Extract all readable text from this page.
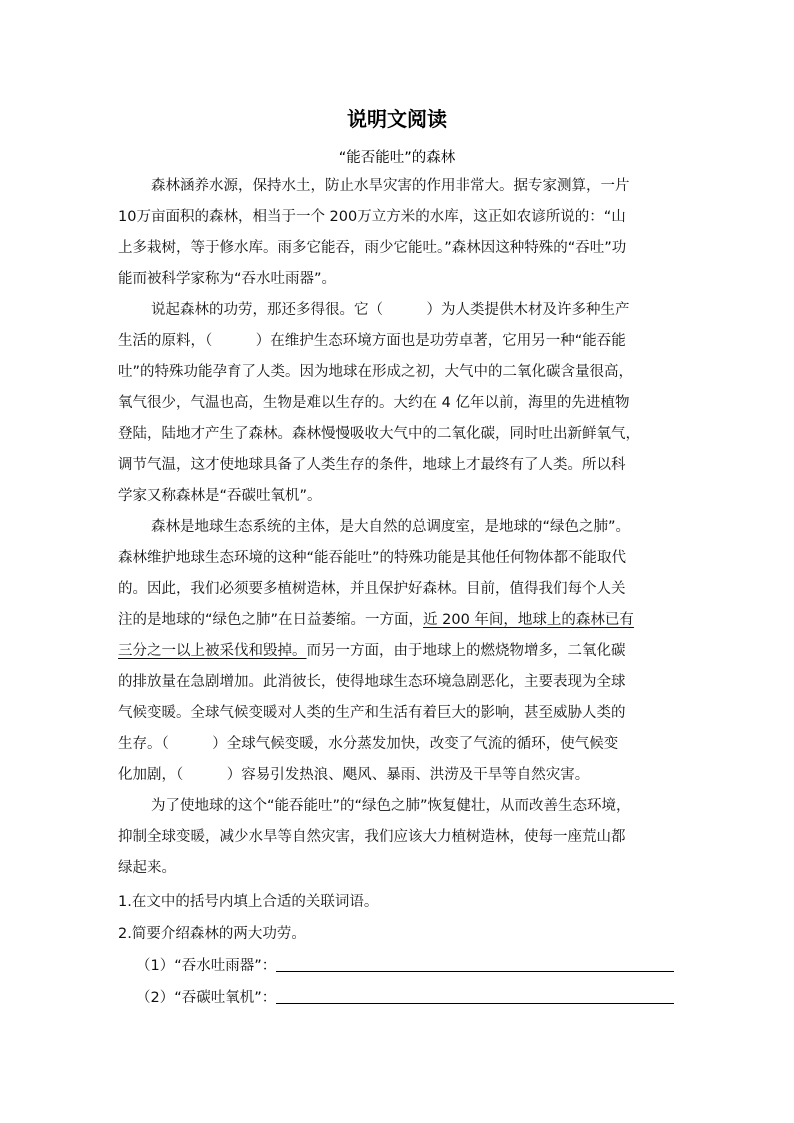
说明文阅读
“能否能吐”的森林
森林涵养水源，保持水土，防止水旱灾害的作用非常大。据专家测算，一片
10万亩面积的森林，相当于一个 200万立方米的水库，这正如农谚所说的：“山
上多栽树，等于修水库。雨多它能吞，雨少它能吐。”森林因这种特殊的“吞吐”功
能而被科学家称为“吞水吐雨器”。
说起森林的功劳，那还多得很。它（　　　）为人类提供木材及许多种生产
生活的原料，（　　　）在维护生态环境方面也是功劳卓著，它用另一种“能吞能
吐”的特殊功能孕育了人类。因为地球在形成之初，大气中的二氧化碳含量很高，
氧气很少，气温也高，生物是难以生存的。大约在 4 亿年以前，海里的先进植物
登陆，陆地才产生了森林。森林慢慢吸收大气中的二氧化碳，同时吐出新鲜氧气，
调节气温，这才使地球具备了人类生存的条件，地球上才最终有了人类。所以科
学家又称森林是“吞碳吐氧机”。
森林是地球生态系统的主体，是大自然的总调度室，是地球的“绿色之肺”。
森林维护地球生态环境的这种“能吞能吐”的特殊功能是其他任何物体都不能取代
的。因此，我们必须要多植树造林，并且保护好森林。目前，值得我们每个人关
注的是地球的“绿色之肺”在日益萎缩。一方面，近 200 年间，地球上的森林已有
三分之一以上被采伐和毁掉。而另一方面，由于地球上的燃烧物增多，二氧化碳
的排放量在急剧增加。此消彼长，使得地球生态环境急剧恶化，主要表现为全球
气候变暖。全球气候变暖对人类的生产和生活有着巨大的影响，甚至威胁人类的
生存。（　　　）全球气候变暖，水分蒸发加快，改变了气流的循环，使气候变
化加剧，（　　　）容易引发热浪、飓风、暴雨、洪涝及干旱等自然灾害。
为了使地球的这个“能吞能吐”的“绿色之肺”恢复健壮，从而改善生态环境，
抑制全球变暖，减少水旱等自然灾害，我们应该大力植树造林，使每一座荒山都
绿起来。
1.在文中的括号内填上合适的关联词语。
2.简要介绍森林的两大功劳。
（1）“吞水吐雨器”：
（2）“吞碳吐氧机”：
